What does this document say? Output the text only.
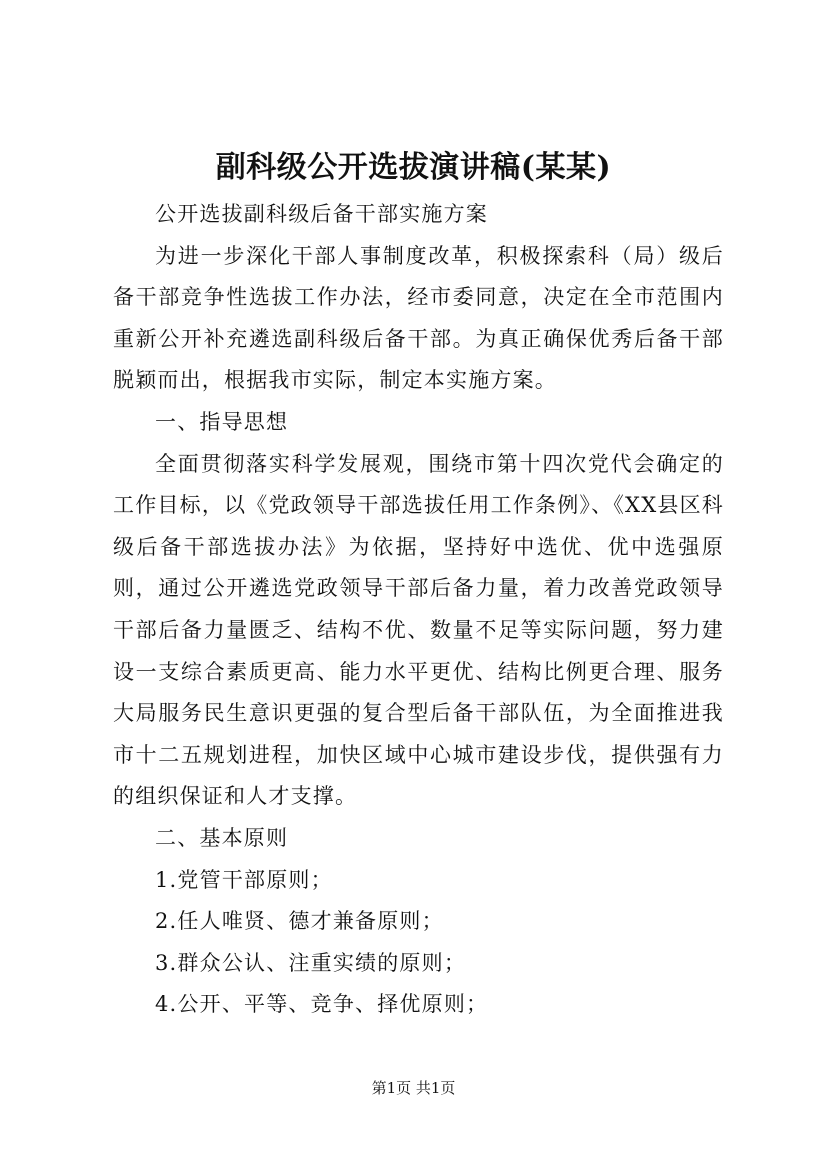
副科级公开选拔演讲稿(某某)

公开选拔副科级后备干部实施方案

为进一步深化干部人事制度改革，积极探索科（局）级后备干部竞争性选拔工作办法，经市委同意，决定在全市范围内重新公开补充遴选副科级后备干部。为真正确保优秀后备干部脱颖而出，根据我市实际，制定本实施方案。

一、指导思想

全面贯彻落实科学发展观，围绕市第十四次党代会确定的工作目标，以《党政领导干部选拔任用工作条例》、《XX县区科级后备干部选拔办法》为依据，坚持好中选优、优中选强原则，通过公开遴选党政领导干部后备力量，着力改善党政领导干部后备力量匮乏、结构不优、数量不足等实际问题，努力建设一支综合素质更高、能力水平更优、结构比例更合理、服务大局服务民生意识更强的复合型后备干部队伍，为全面推进我市十二五规划进程，加快区域中心城市建设步伐，提供强有力的组织保证和人才支撑。

二、基本原则

1.党管干部原则；

2.任人唯贤、德才兼备原则；

3.群众公认、注重实绩的原则；

4.公开、平等、竞争、择优原则；

第1页 共1页
